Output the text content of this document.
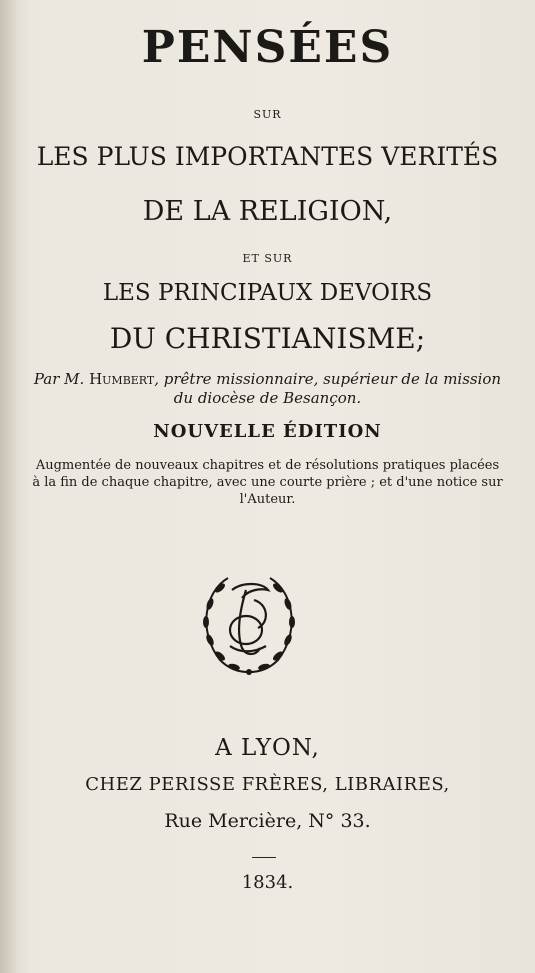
PENSÉES
SUR
LES PLUS IMPORTANTES VERITÉS
DE LA RELIGION,
ET SUR
LES PRINCIPAUX DEVOIRS
DU CHRISTIANISME;
Par M. Humbert, prêtre missionnaire, supérieur de la mission du diocèse de Besançon.
NOUVELLE ÉDITION
Augmentée de nouveaux chapitres et de résolutions pratiques placées à la fin de chaque chapitre, avec une courte prière ; et d'une notice sur l'Auteur.
A LYON,
CHEZ PERISSE FRÈRES, LIBRAIRES,
Rue Mercière, N° 33.
1834.
